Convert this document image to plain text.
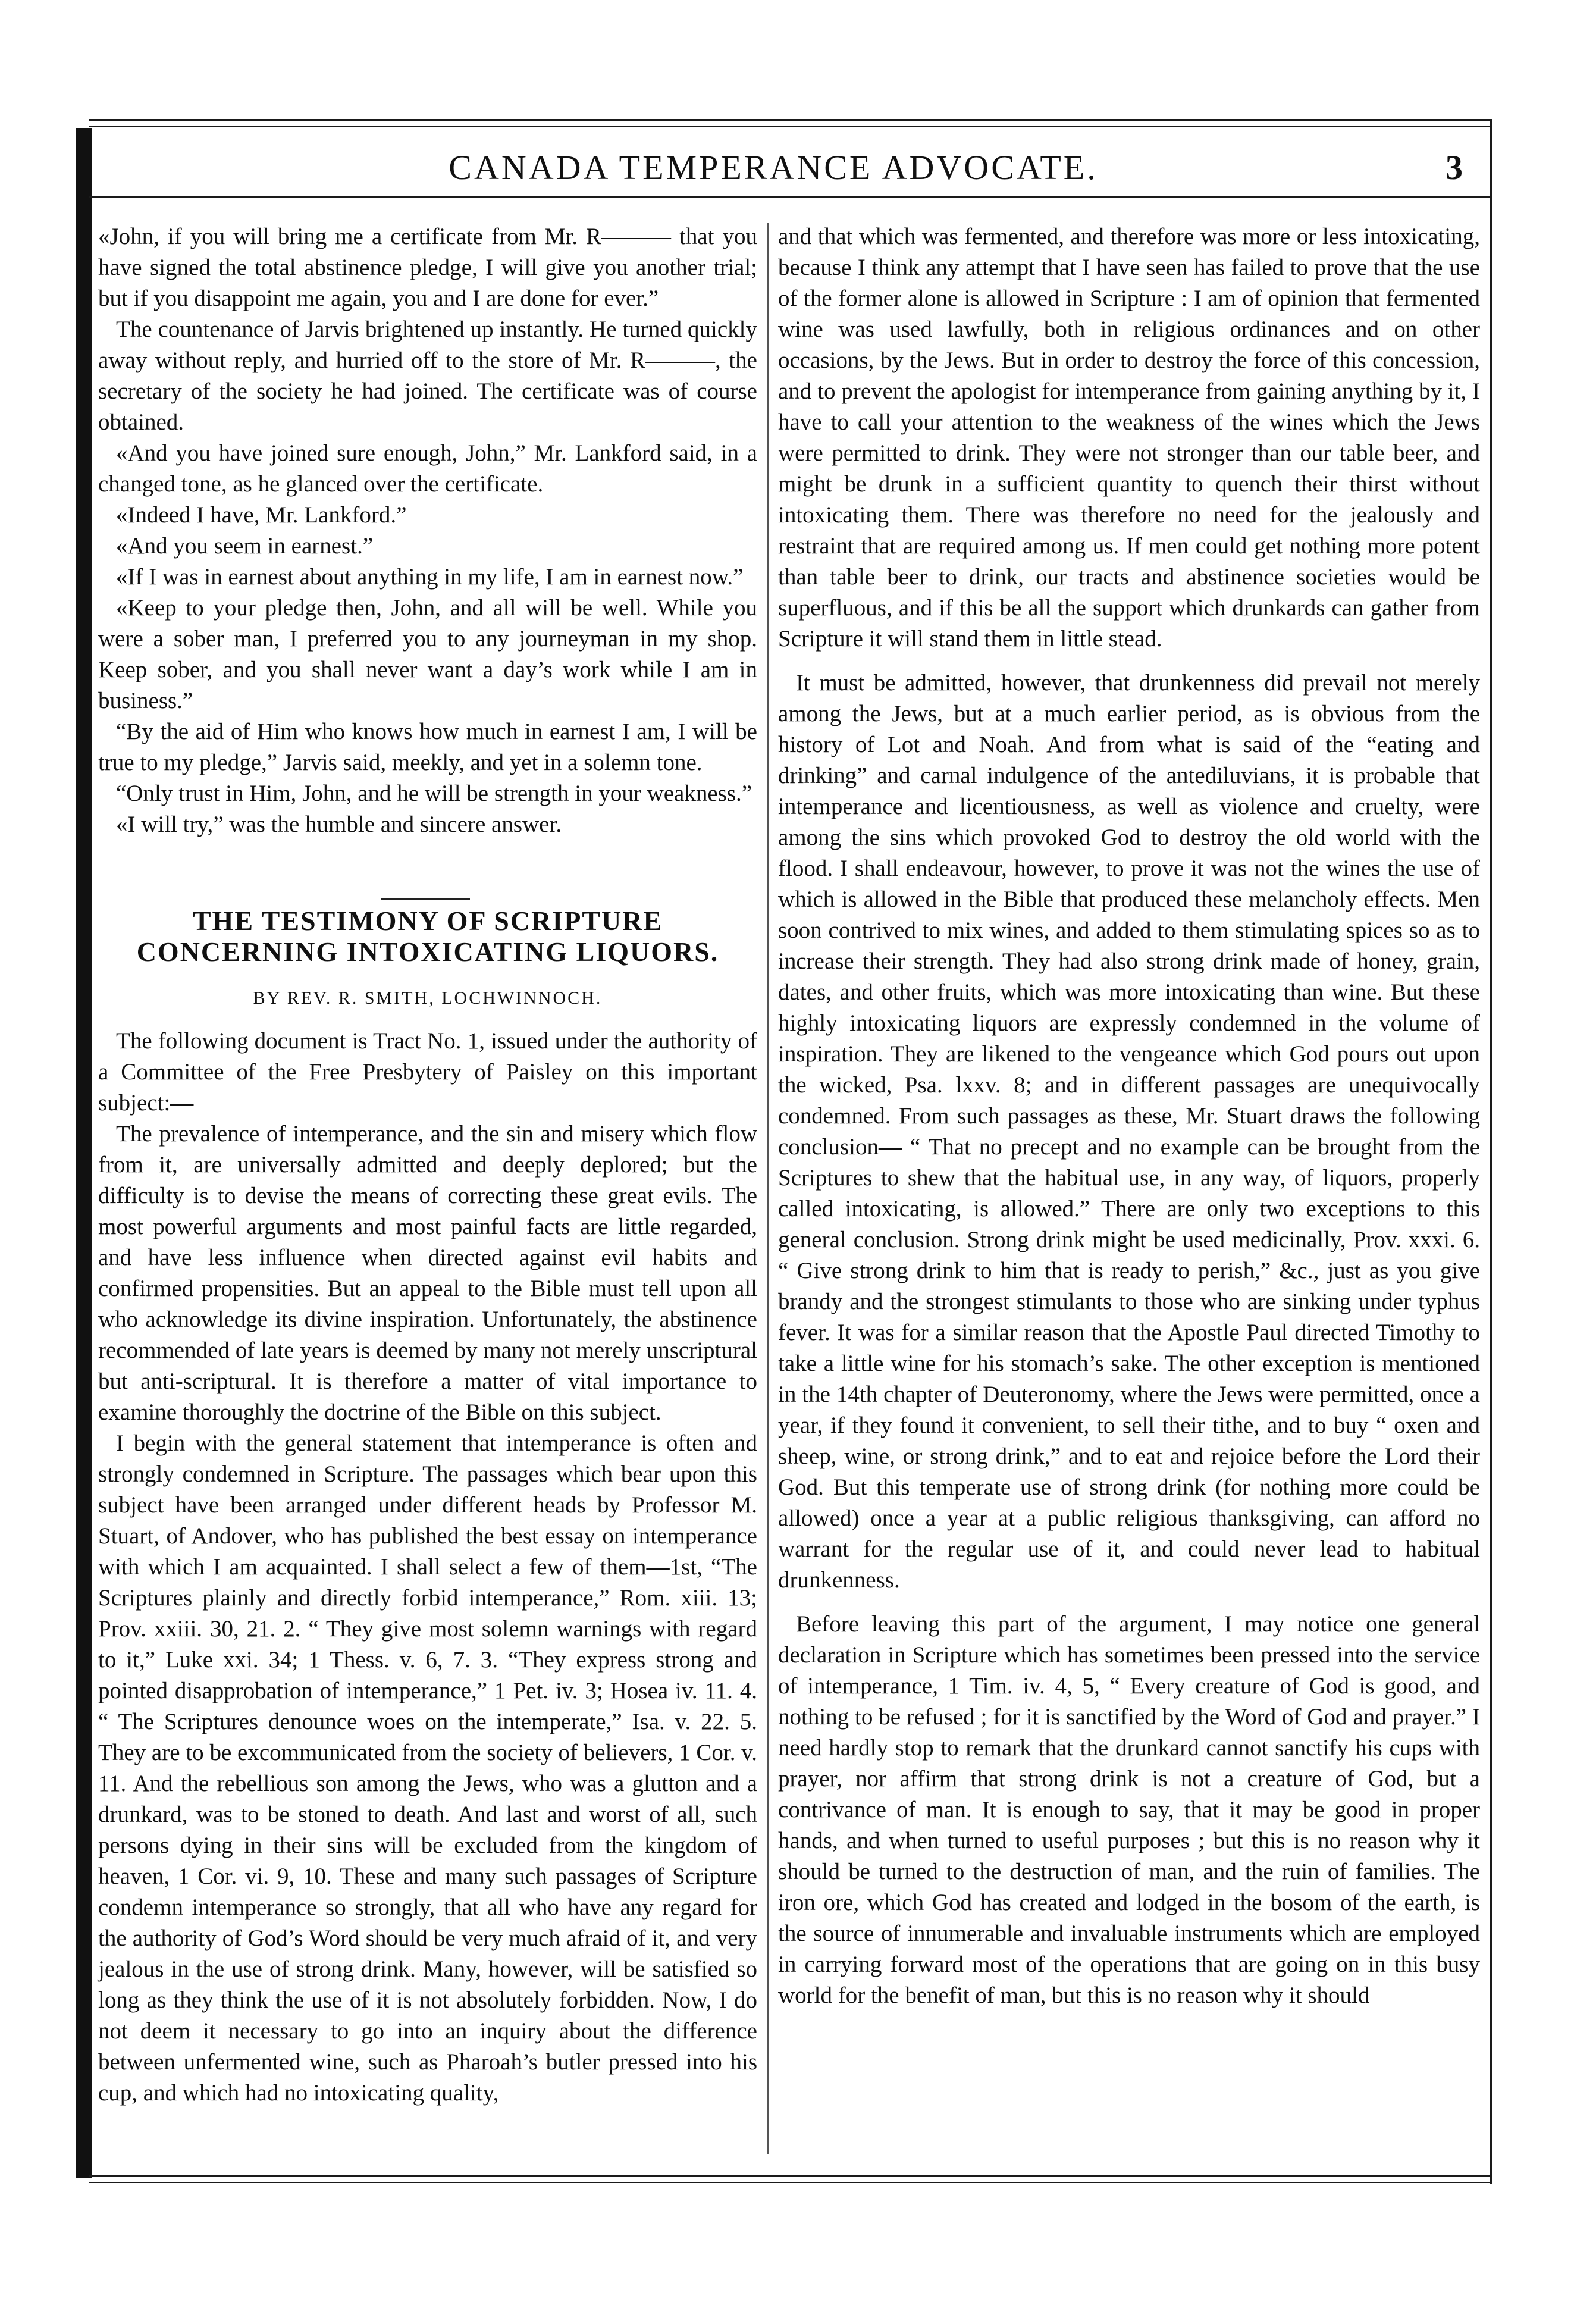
CANADA TEMPERANCE ADVOCATE.	3

«John, if you will bring me a certificate from Mr. R——— that you have signed the total abstinence pledge, I will give you another trial; but if you disappoint me again, you and I are done for ever.”

The countenance of Jarvis brightened up instantly. He turned quickly away without reply, and hurried off to the store of Mr. R———, the secretary of the society he had joined. The certificate was of course obtained.

«And you have joined sure enough, John,” Mr. Lankford said, in a changed tone, as he glanced over the certificate.

«Indeed I have, Mr. Lankford.”

«And you seem in earnest.”

«If I was in earnest about anything in my life, I am in earnest now.”

«Keep to your pledge then, John, and all will be well. While you were a sober man, I preferred you to any journeyman in my shop. Keep sober, and you shall never want a day’s work while I am in business.”

“By the aid of Him who knows how much in earnest I am, I will be true to my pledge,” Jarvis said, meekly, and yet in a solemn tone.

“Only trust in Him, John, and he will be strength in your weakness.”

«I will try,” was the humble and sincere answer.

THE TESTIMONY OF SCRIPTURE CONCERNING INTOXICATING LIQUORS.
BY REV. R. SMITH, LOCHWINNOCH.

The following document is Tract No. 1, issued under the authority of a Committee of the Free Presbytery of Paisley on this important subject:—

The prevalence of intemperance, and the sin and misery which flow from it, are universally admitted and deeply deplored; but the difficulty is to devise the means of correcting these great evils. The most powerful arguments and most painful facts are little regarded, and have less influence when directed against evil habits and confirmed propensities. But an appeal to the Bible must tell upon all who acknowledge its divine inspiration. Unfortunately, the abstinence recommended of late years is deemed by many not merely unscriptural but anti-scriptural. It is therefore a matter of vital importance to examine thoroughly the doctrine of the Bible on this subject.

I begin with the general statement that intemperance is often and strongly condemned in Scripture. The passages which bear upon this subject have been arranged under different heads by Professor M. Stuart, of Andover, who has published the best essay on intemperance with which I am acquainted. I shall select a few of them—1st, “The Scriptures plainly and directly forbid intemperance,” Rom. xiii. 13; Prov. xxiii. 30, 21. 2. “ They give most solemn warnings with regard to it,” Luke xxi. 34; 1 Thess. v. 6, 7. 3. “They express strong and pointed disapprobation of intemperance,” 1 Pet. iv. 3; Hosea iv. 11. 4. “ The Scriptures denounce woes on the intemperate,” Isa. v. 22. 5. They are to be excommunicated from the society of believers, 1 Cor. v. 11. And the rebellious son among the Jews, who was a glutton and a drunkard, was to be stoned to death. And last and worst of all, such persons dying in their sins will be excluded from the kingdom of heaven, 1 Cor. vi. 9, 10. These and many such passages of Scripture condemn intemperance so strongly, that all who have any regard for the authority of God’s Word should be very much afraid of it, and very jealous in the use of strong drink. Many, however, will be satisfied so long as they think the use of it is not absolutely forbidden. Now, I do not deem it necessary to go into an inquiry about the difference between unfermented wine, such as Pharoah’s butler pressed into his cup, and which had no intoxicating quality,

and that which was fermented, and therefore was more or less intoxicating, because I think any attempt that I have seen has failed to prove that the use of the former alone is allowed in Scripture : I am of opinion that fermented wine was used lawfully, both in religious ordinances and on other occasions, by the Jews. But in order to destroy the force of this concession, and to prevent the apologist for intemperance from gaining anything by it, I have to call your attention to the weakness of the wines which the Jews were permitted to drink. They were not stronger than our table beer, and might be drunk in a sufficient quantity to quench their thirst without intoxicating them. There was therefore no need for the jealously and restraint that are required among us. If men could get nothing more potent than table beer to drink, our tracts and abstinence societies would be superfluous, and if this be all the support which drunkards can gather from Scripture it will stand them in little stead.

It must be admitted, however, that drunkenness did prevail not merely among the Jews, but at a much earlier period, as is obvious from the history of Lot and Noah. And from what is said of the “eating and drinking” and carnal indulgence of the antediluvians, it is probable that intemperance and licentiousness, as well as violence and cruelty, were among the sins which provoked God to destroy the old world with the flood. I shall endeavour, however, to prove it was not the wines the use of which is allowed in the Bible that produced these melancholy effects. Men soon contrived to mix wines, and added to them stimulating spices so as to increase their strength. They had also strong drink made of honey, grain, dates, and other fruits, which was more intoxicating than wine. But these highly intoxicating liquors are expressly condemned in the volume of inspiration. They are likened to the vengeance which God pours out upon the wicked, Psa. lxxv. 8; and in different passages are unequivocally condemned. From such passages as these, Mr. Stuart draws the following conclusion— “ That no precept and no example can be brought from the Scriptures to shew that the habitual use, in any way, of liquors, properly called intoxicating, is allowed.” There are only two exceptions to this general conclusion. Strong drink might be used medicinally, Prov. xxxi. 6. “ Give strong drink to him that is ready to perish,” &c., just as you give brandy and the strongest stimulants to those who are sinking under typhus fever. It was for a similar reason that the Apostle Paul directed Timothy to take a little wine for his stomach’s sake. The other exception is mentioned in the 14th chapter of Deuteronomy, where the Jews were permitted, once a year, if they found it convenient, to sell their tithe, and to buy “ oxen and sheep, wine, or strong drink,” and to eat and rejoice before the Lord their God. But this temperate use of strong drink (for nothing more could be allowed) once a year at a public religious thanksgiving, can afford no warrant for the regular use of it, and could never lead to habitual drunkenness.

Before leaving this part of the argument, I may notice one general declaration in Scripture which has sometimes been pressed into the service of intemperance, 1 Tim. iv. 4, 5, “ Every creature of God is good, and nothing to be refused ; for it is sanctified by the Word of God and prayer.” I need hardly stop to remark that the drunkard cannot sanctify his cups with prayer, nor affirm that strong drink is not a creature of God, but a contrivance of man. It is enough to say, that it may be good in proper hands, and when turned to useful purposes ; but this is no reason why it should be turned to the destruction of man, and the ruin of families. The iron ore, which God has created and lodged in the bosom of the earth, is the source of innumerable and invaluable instruments which are employed in carrying forward most of the operations that are going on in this busy world for the benefit of man, but this is no reason why it should
